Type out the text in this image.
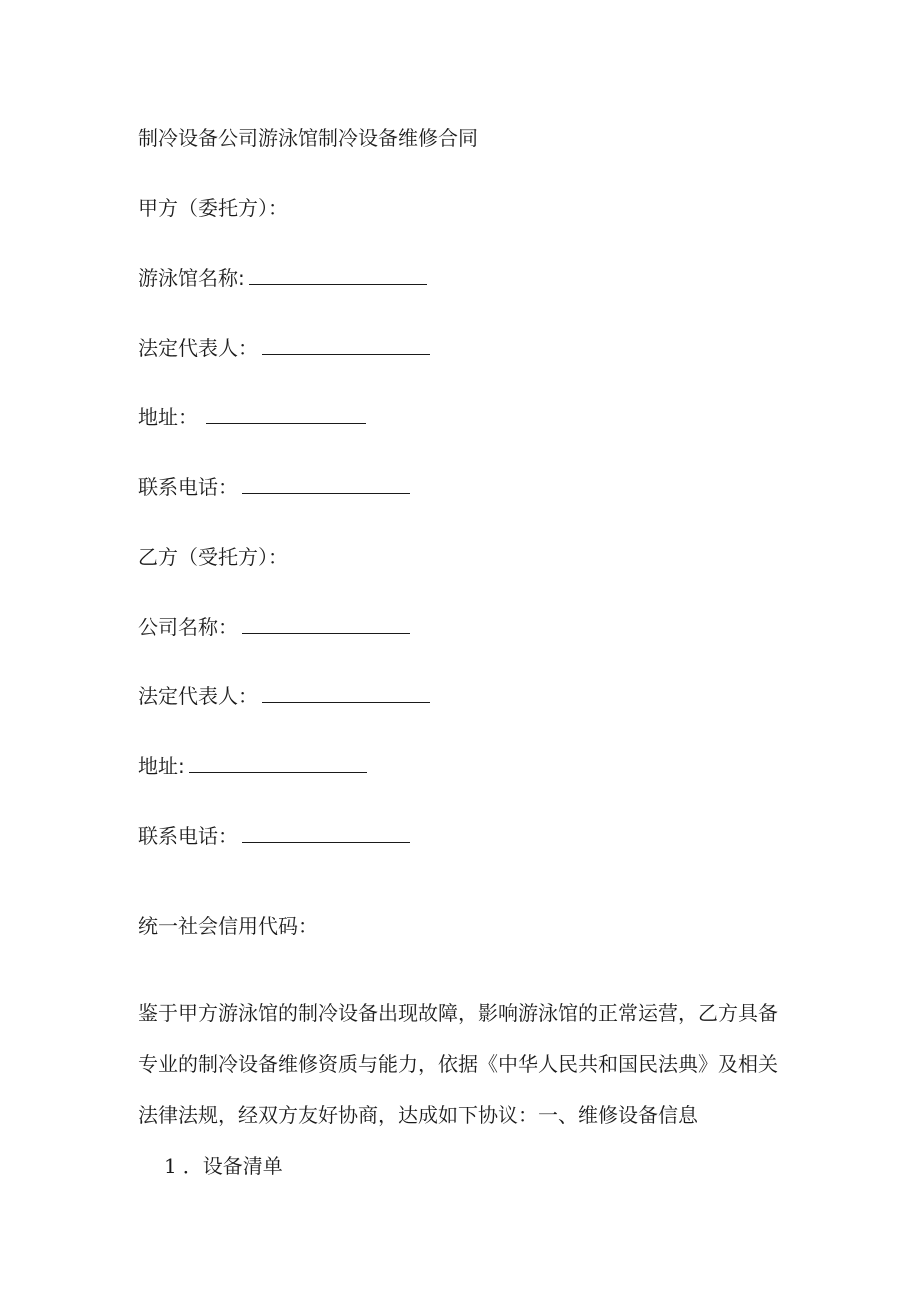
制冷设备公司游泳馆制冷设备维修合同
甲方（委托方）：
游泳馆名称:
法定代表人：
地址：
联系电话：
乙方（受托方）：
公司名称：
法定代表人：
地址:
联系电话：
统一社会信用代码：
鉴于甲方游泳馆的制冷设备出现故障，影响游泳馆的正常运营，乙方具备
专业的制冷设备维修资质与能力，依据《中华人民共和国民法典》及相关
法律法规，经双方友好协商，达成如下协议：一、维修设备信息
1 ．设备清单
